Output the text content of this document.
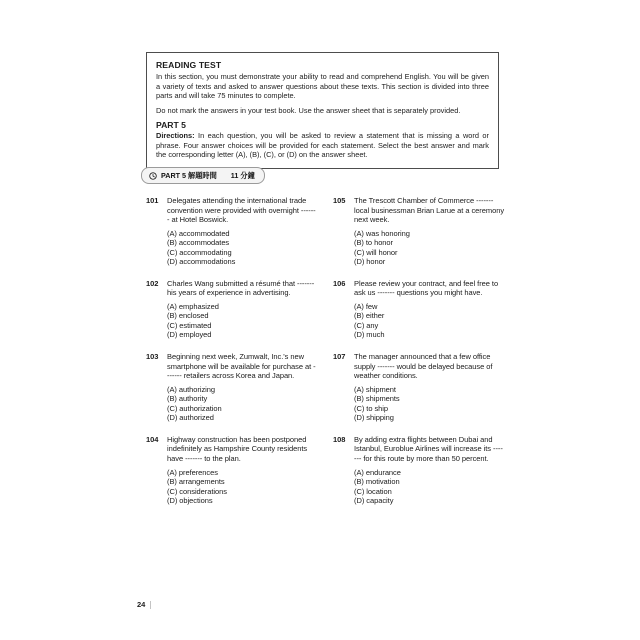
READING TEST

In this section, you must demonstrate your ability to read and comprehend English. You will be given a variety of texts and asked to answer questions about these texts. This section is divided into three parts and will take 75 minutes to complete.

Do not mark the answers in your test book. Use the answer sheet that is separately provided.

PART 5

Directions: In each question, you will be asked to review a statement that is missing a word or phrase. Four answer choices will be provided for each statement. Select the best answer and mark the corresponding letter (A), (B), (C), or (D) on the answer sheet.

PART 5 解題時間 11 分鐘
101	Delegates attending the international trade convention were provided with overnight ------- at Hotel Boswick.
(A) accommodated
(B) accommodates
(C) accommodating
(D) accommodations
105	The Trescott Chamber of Commerce ------- local businessman Brian Larue at a ceremony next week.
(A) was honoring
(B) to honor
(C) will honor
(D) honor
102	Charles Wang submitted a résumé that ------- his years of experience in advertising.
(A) emphasized
(B) enclosed
(C) estimated
(D) employed
106	Please review your contract, and feel free to ask us ------- questions you might have.
(A) few
(B) either
(C) any
(D) much
103	Beginning next week, Zumwalt, Inc.'s new smartphone will be available for purchase at ------- retailers across Korea and Japan.
(A) authorizing
(B) authority
(C) authorization
(D) authorized
107	The manager announced that a few office supply ------- would be delayed because of weather conditions.
(A) shipment
(B) shipments
(C) to ship
(D) shipping
104	Highway construction has been postponed indefinitely as Hampshire County residents have ------- to the plan.
(A) preferences
(B) arrangements
(C) considerations
(D) objections
108	By adding extra flights between Dubai and Istanbul, Euroblue Airlines will increase its ------- for this route by more than 50 percent.
(A) endurance
(B) motivation
(C) location
(D) capacity
24
